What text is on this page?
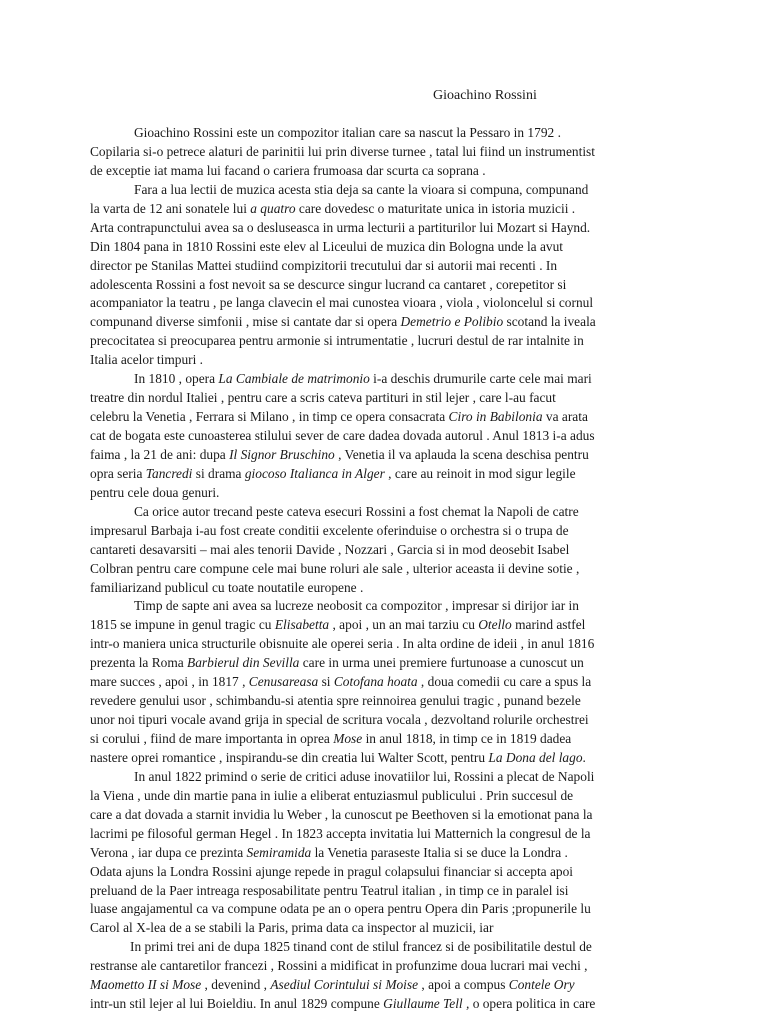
Gioachino Rossini
Gioachino Rossini este un compozitor italian care sa nascut la Pessaro in 1792 .
Copilaria si-o petrece alaturi de parinitii lui prin diverse turnee , tatal lui fiind un instrumentist
de exceptie iat mama lui facand o cariera frumoasa dar scurta ca soprana .
Fara a lua lectii de muzica acesta stia deja sa cante la vioara si compuna, compunand
la varta de 12 ani sonatele lui a quatro care dovedesc o maturitate unica in istoria muzicii .
Arta contrapunctului avea sa o desluseasca in urma lecturii a partiturilor lui Mozart si Haynd.
Din 1804 pana in 1810 Rossini este elev al Liceului de muzica din Bologna unde la avut
director pe Stanilas Mattei studiind compizitorii trecutului dar si autorii mai recenti . In
adolescenta Rossini a fost nevoit sa se descurce singur lucrand ca cantaret , corepetitor si
acompaniator la teatru , pe langa clavecin el mai cunostea vioara , viola , violoncelul si cornul
compunand diverse simfonii , mise si cantate dar si opera Demetrio e Polibio scotand la iveala
precocitatea si preocuparea pentru armonie si intrumentatie , lucruri destul de rar intalnite in
Italia acelor timpuri .
In 1810 , opera La Cambiale de matrimonio i-a deschis drumurile carte cele mai mari
treatre din nordul Italiei , pentru care a scris cateva partituri in stil lejer , care l-au facut
celebru la Venetia , Ferrara si Milano , in timp ce opera consacrata Ciro in Babilonia va arata
cat de bogata este cunoasterea stilului sever de care dadea dovada autorul . Anul 1813 i-a adus
faima , la 21 de ani: dupa Il Signor Bruschino , Venetia il va aplauda la scena deschisa pentru
opra seria Tancredi si drama giocoso Italianca in Alger , care au reinoit in mod sigur legile
pentru cele doua genuri.
Ca orice autor trecand peste cateva esecuri Rossini a fost chemat la Napoli de catre
impresarul Barbaja i-au fost create conditii excelente oferinduise o orchestra si o trupa de
cantareti desavarsiti – mai ales tenorii Davide , Nozzari , Garcia si in mod deosebit Isabel
Colbran pentru care compune cele mai bune roluri ale sale , ulterior aceasta ii devine sotie ,
familiarizand publicul cu toate noutatile europene .
Timp de sapte ani avea sa lucreze neobosit ca compozitor , impresar si dirijor iar in
1815 se impune in genul tragic cu Elisabetta , apoi , un an mai tarziu cu Otello marind astfel
intr-o maniera unica structurile obisnuite ale operei seria . In alta ordine de ideii , in anul 1816
prezenta la Roma Barbierul din Sevilla care in urma unei premiere furtunoase a cunoscut un
mare succes , apoi , in 1817 , Cenusareasa si Cotofana hoata , doua comedii cu care a spus la
revedere genului usor , schimbandu-si atentia spre reinnoirea genului tragic , punand bezele
unor noi tipuri vocale avand grija in special de scritura vocala , dezvoltand rolurile orchestrei
si corului , fiind de mare importanta in oprea Mose in anul 1818, in timp ce in 1819 dadea
nastere oprei romantice , inspirandu-se din creatia lui Walter Scott, pentru La Dona del lago.
In anul 1822 primind o serie de critici aduse inovatiilor lui, Rossini a plecat de Napoli
la Viena , unde din martie pana in iulie a eliberat entuziasmul publicului . Prin succesul de
care a dat dovada a starnit invidia lu Weber , la cunoscut pe Beethoven si la emotionat pana la
lacrimi pe filosoful german Hegel . In 1823 accepta invitatia lui Matternich la congresul de la
Verona , iar dupa ce prezinta Semiramida la Venetia paraseste Italia si se duce la Londra .
Odata ajuns la Londra Rossini ajunge repede in pragul colapsului financiar si accepta apoi
preluand de la Paer intreaga resposabilitate pentru Teatrul italian , in timp ce in paralel isi
luase angajamentul ca va compune odata pe an o opera pentru Opera din Paris ;propunerile lu
Carol al X-lea de a se stabili la Paris, prima data ca inspector al muzicii, iar
In primi trei ani de dupa 1825 tinand cont de stilul francez si de posibilitatile destul de
restranse ale cantaretilor francezi , Rossini a midificat in profunzime doua lucrari mai vechi ,
Maometto II si Mose , devenind , Asediul Corintului si Moise , apoi a compus Contele Ory
intr-un stil lejer al lui Boieldiu. In anul 1829 compune Giullaume Tell , o opera politica in care
